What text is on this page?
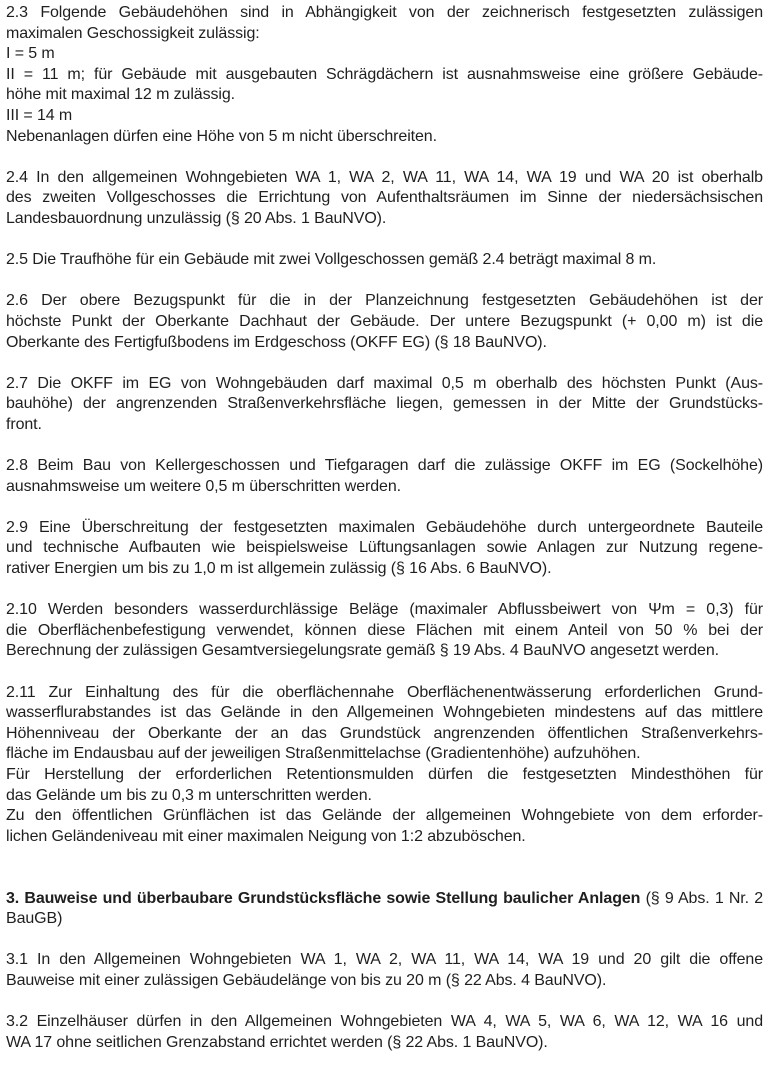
2.3 Folgende Gebäudehöhen sind in Abhängigkeit von der zeichnerisch festgesetzten zulässigen
maximalen Geschossigkeit zulässig:
I = 5 m
II = 11 m; für Gebäude mit ausgebauten Schrägdächern ist ausnahmsweise eine größere Gebäude-
höhe mit maximal 12 m zulässig.
III = 14 m
Nebenanlagen dürfen eine Höhe von 5 m nicht überschreiten.
2.4 In den allgemeinen Wohngebieten WA 1, WA 2, WA 11, WA 14, WA 19 und WA 20 ist oberhalb
des zweiten Vollgeschosses die Errichtung von Aufenthaltsräumen im Sinne der niedersächsischen
Landesbauordnung unzulässig (§ 20 Abs. 1 BauNVO).
2.5 Die Traufhöhe für ein Gebäude mit zwei Vollgeschossen gemäß 2.4 beträgt maximal 8 m.
2.6 Der obere Bezugspunkt für die in der Planzeichnung festgesetzten Gebäudehöhen ist der
höchste Punkt der Oberkante Dachhaut der Gebäude. Der untere Bezugspunkt (+ 0,00 m) ist die
Oberkante des Fertigfußbodens im Erdgeschoss (OKFF EG) (§ 18 BauNVO).
2.7 Die OKFF im EG von Wohngebäuden darf maximal 0,5 m oberhalb des höchsten Punkt (Aus-
bauhöhe) der angrenzenden Straßenverkehrsfläche liegen, gemessen in der Mitte der Grundstücks-
front.
2.8 Beim Bau von Kellergeschossen und Tiefgaragen darf die zulässige OKFF im EG (Sockelhöhe)
ausnahmsweise um weitere 0,5 m überschritten werden.
2.9 Eine Überschreitung der festgesetzten maximalen Gebäudehöhe durch untergeordnete Bauteile
und technische Aufbauten wie beispielsweise Lüftungsanlagen sowie Anlagen zur Nutzung regene-
rativer Energien um bis zu 1,0 m ist allgemein zulässig (§ 16 Abs. 6 BauNVO).
2.10 Werden besonders wasserdurchlässige Beläge (maximaler Abflussbeiwert von Ψm = 0,3) für
die Oberflächenbefestigung verwendet, können diese Flächen mit einem Anteil von 50 % bei der
Berechnung der zulässigen Gesamtversiegelungsrate gemäß § 19 Abs. 4 BauNVO angesetzt werden.
2.11 Zur Einhaltung des für die oberflächennahe Oberflächenentwässerung erforderlichen Grund-
wasserflurabstandes ist das Gelände in den Allgemeinen Wohngebieten mindestens auf das mittlere
Höhenniveau der Oberkante der an das Grundstück angrenzenden öffentlichen Straßenverkehrs-
fläche im Endausbau auf der jeweiligen Straßenmittelachse (Gradientenhöhe) aufzuhöhen.
Für Herstellung der erforderlichen Retentionsmulden dürfen die festgesetzten Mindesthöhen für
das Gelände um bis zu 0,3 m unterschritten werden.
Zu den öffentlichen Grünflächen ist das Gelände der allgemeinen Wohngebiete von dem erforder-
lichen Geländeniveau mit einer maximalen Neigung von 1:2 abzuböschen.
3. Bauweise und überbaubare Grundstücksfläche sowie Stellung baulicher Anlagen (§ 9 Abs. 1 Nr. 2 BauGB)
3.1 In den Allgemeinen Wohngebieten WA 1, WA 2, WA 11, WA 14, WA 19 und 20 gilt die offene
Bauweise mit einer zulässigen Gebäudelänge von bis zu 20 m (§ 22 Abs. 4 BauNVO).
3.2 Einzelhäuser dürfen in den Allgemeinen Wohngebieten WA 4, WA 5, WA 6, WA 12, WA 16 und
WA 17 ohne seitlichen Grenzabstand errichtet werden (§ 22 Abs. 1 BauNVO).
